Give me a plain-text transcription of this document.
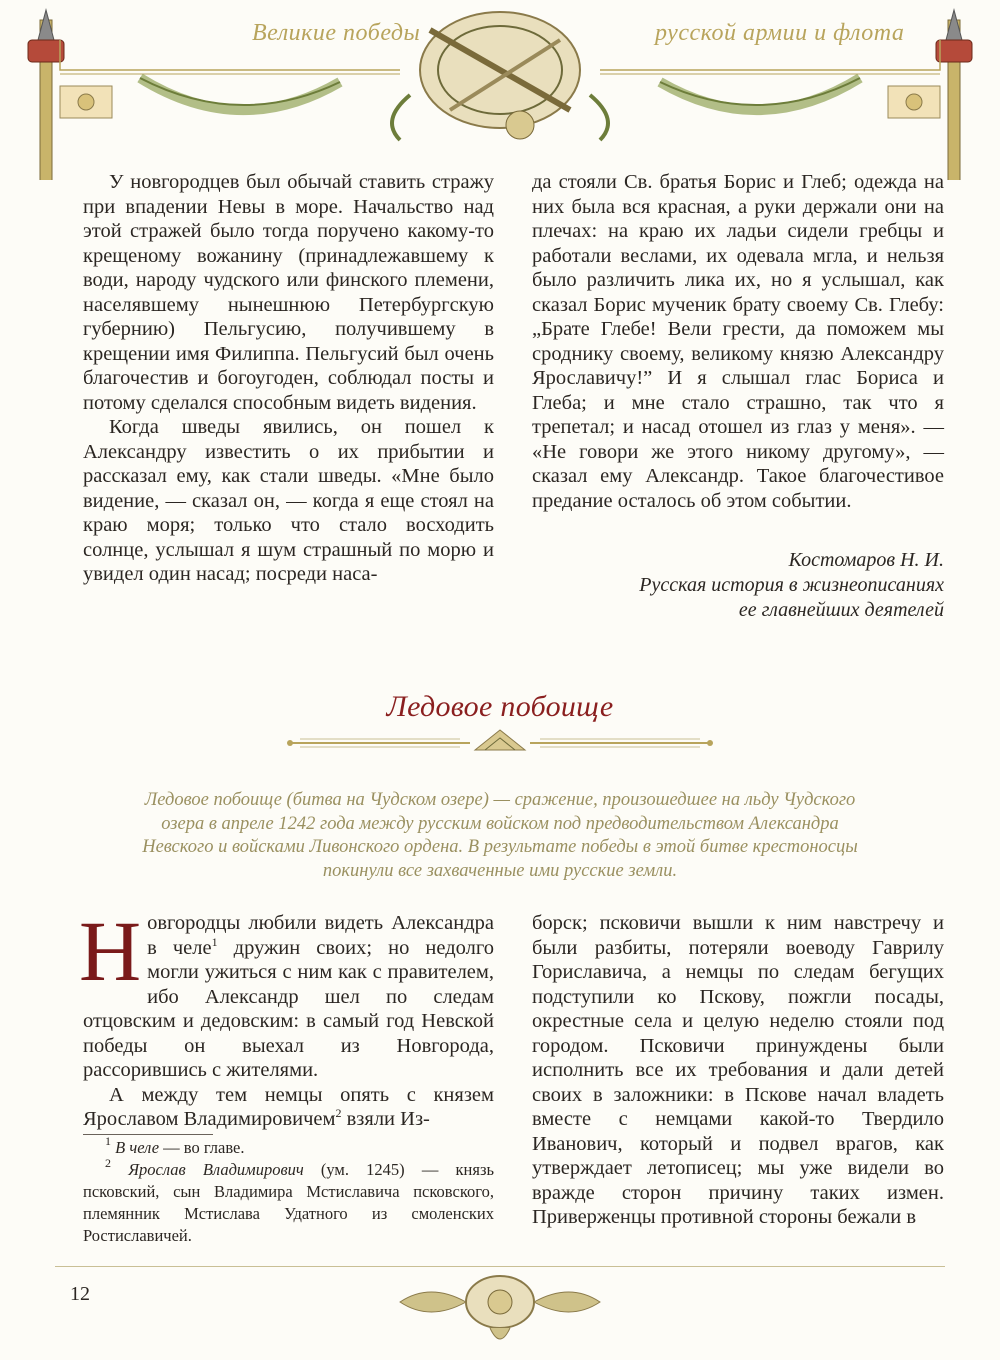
Великие победы	русской армии и флота

У новгородцев был обычай ставить стражу при впадении Невы в море. Начальство над этой стражей было тогда поручено какому-то крещеному вожанину (принадлежавшему к води, народу чудского или финского племени, населявшему нынешнюю Петербургскую губернию) Пельгусию, получившему в крещении имя Филиппа. Пельгусий был очень благочестив и богоугоден, соблюдал посты и потому сделался способным видеть видения.

Когда шведы явились, он пошел к Александру известить о их прибытии и рассказал ему, как стали шведы. «Мне было видение, — сказал он, — когда я еще стоял на краю моря; только что стало восходить солнце, услышал я шум страшный по морю и увидел один насад; посреди наса-

да стояли Св. братья Борис и Глеб; одежда на них была вся красная, а руки держали они на плечах: на краю их ладьи сидели гребцы и работали веслами, их одевала мгла, и нельзя было различить лика их, но я услышал, как сказал Борис мученик брату своему Св. Глебу: „Брате Глебе! Вели грести, да поможем мы сроднику своему, великому князю Александру Ярославичу!” И я слышал глас Бориса и Глеба; и мне стало страшно, так что я трепетал; и насад отошел из глаз у меня». — «Не говори же этого никому другому», — сказал ему Александр. Такое благочестивое предание осталось об этом событии.

Костомаров Н. И.
Русская история в жизнеописаниях
ее главнейших деятелей
Ледовое побоище

Ледовое побоище (битва на Чудском озере) — сражение, произошедшее на льду Чудского озера в апреле 1242 года между русским войском под предводительством Александра Невского и войсками Ливонского ордена. В результате победы в этой битве крестоносцы покинули все захваченные ими русские земли.

Новгородцы любили видеть Александра в челе$^1$ дружин своих; но недолго могли ужиться с ним как с правителем, ибо Александр шел по следам отцовским и дедовским: в самый год Невской победы он выехал из Новгорода, рассорившись с жителями.

А между тем немцы опять с князем Ярославом Владимировичем$^2$ взяли Из-

борск; псковичи вышли к ним навстречу и были разбиты, потеряли воеводу Гаврилу Гориславича, а немцы по следам бегущих подступили ко Пскову, пожгли посады, окрестные села и целую неделю стояли под городом. Псковичи принуждены были исполнить все их требования и дали детей своих в заложники: в Пскове начал владеть вместе с немцами какой-то Твердило Иванович, который и подвел врагов, как утверждает летописец; мы уже видели во вражде сторон причину таких измен. Приверженцы противной стороны бежали в

$^1$ В челе — во главе.

$^2$ Ярослав Владимирович (ум. 1245) — князь псковский, сын Владимира Мстиславича псковского, племянник Мстислава Удатного из смоленских Ростиславичей.

12
